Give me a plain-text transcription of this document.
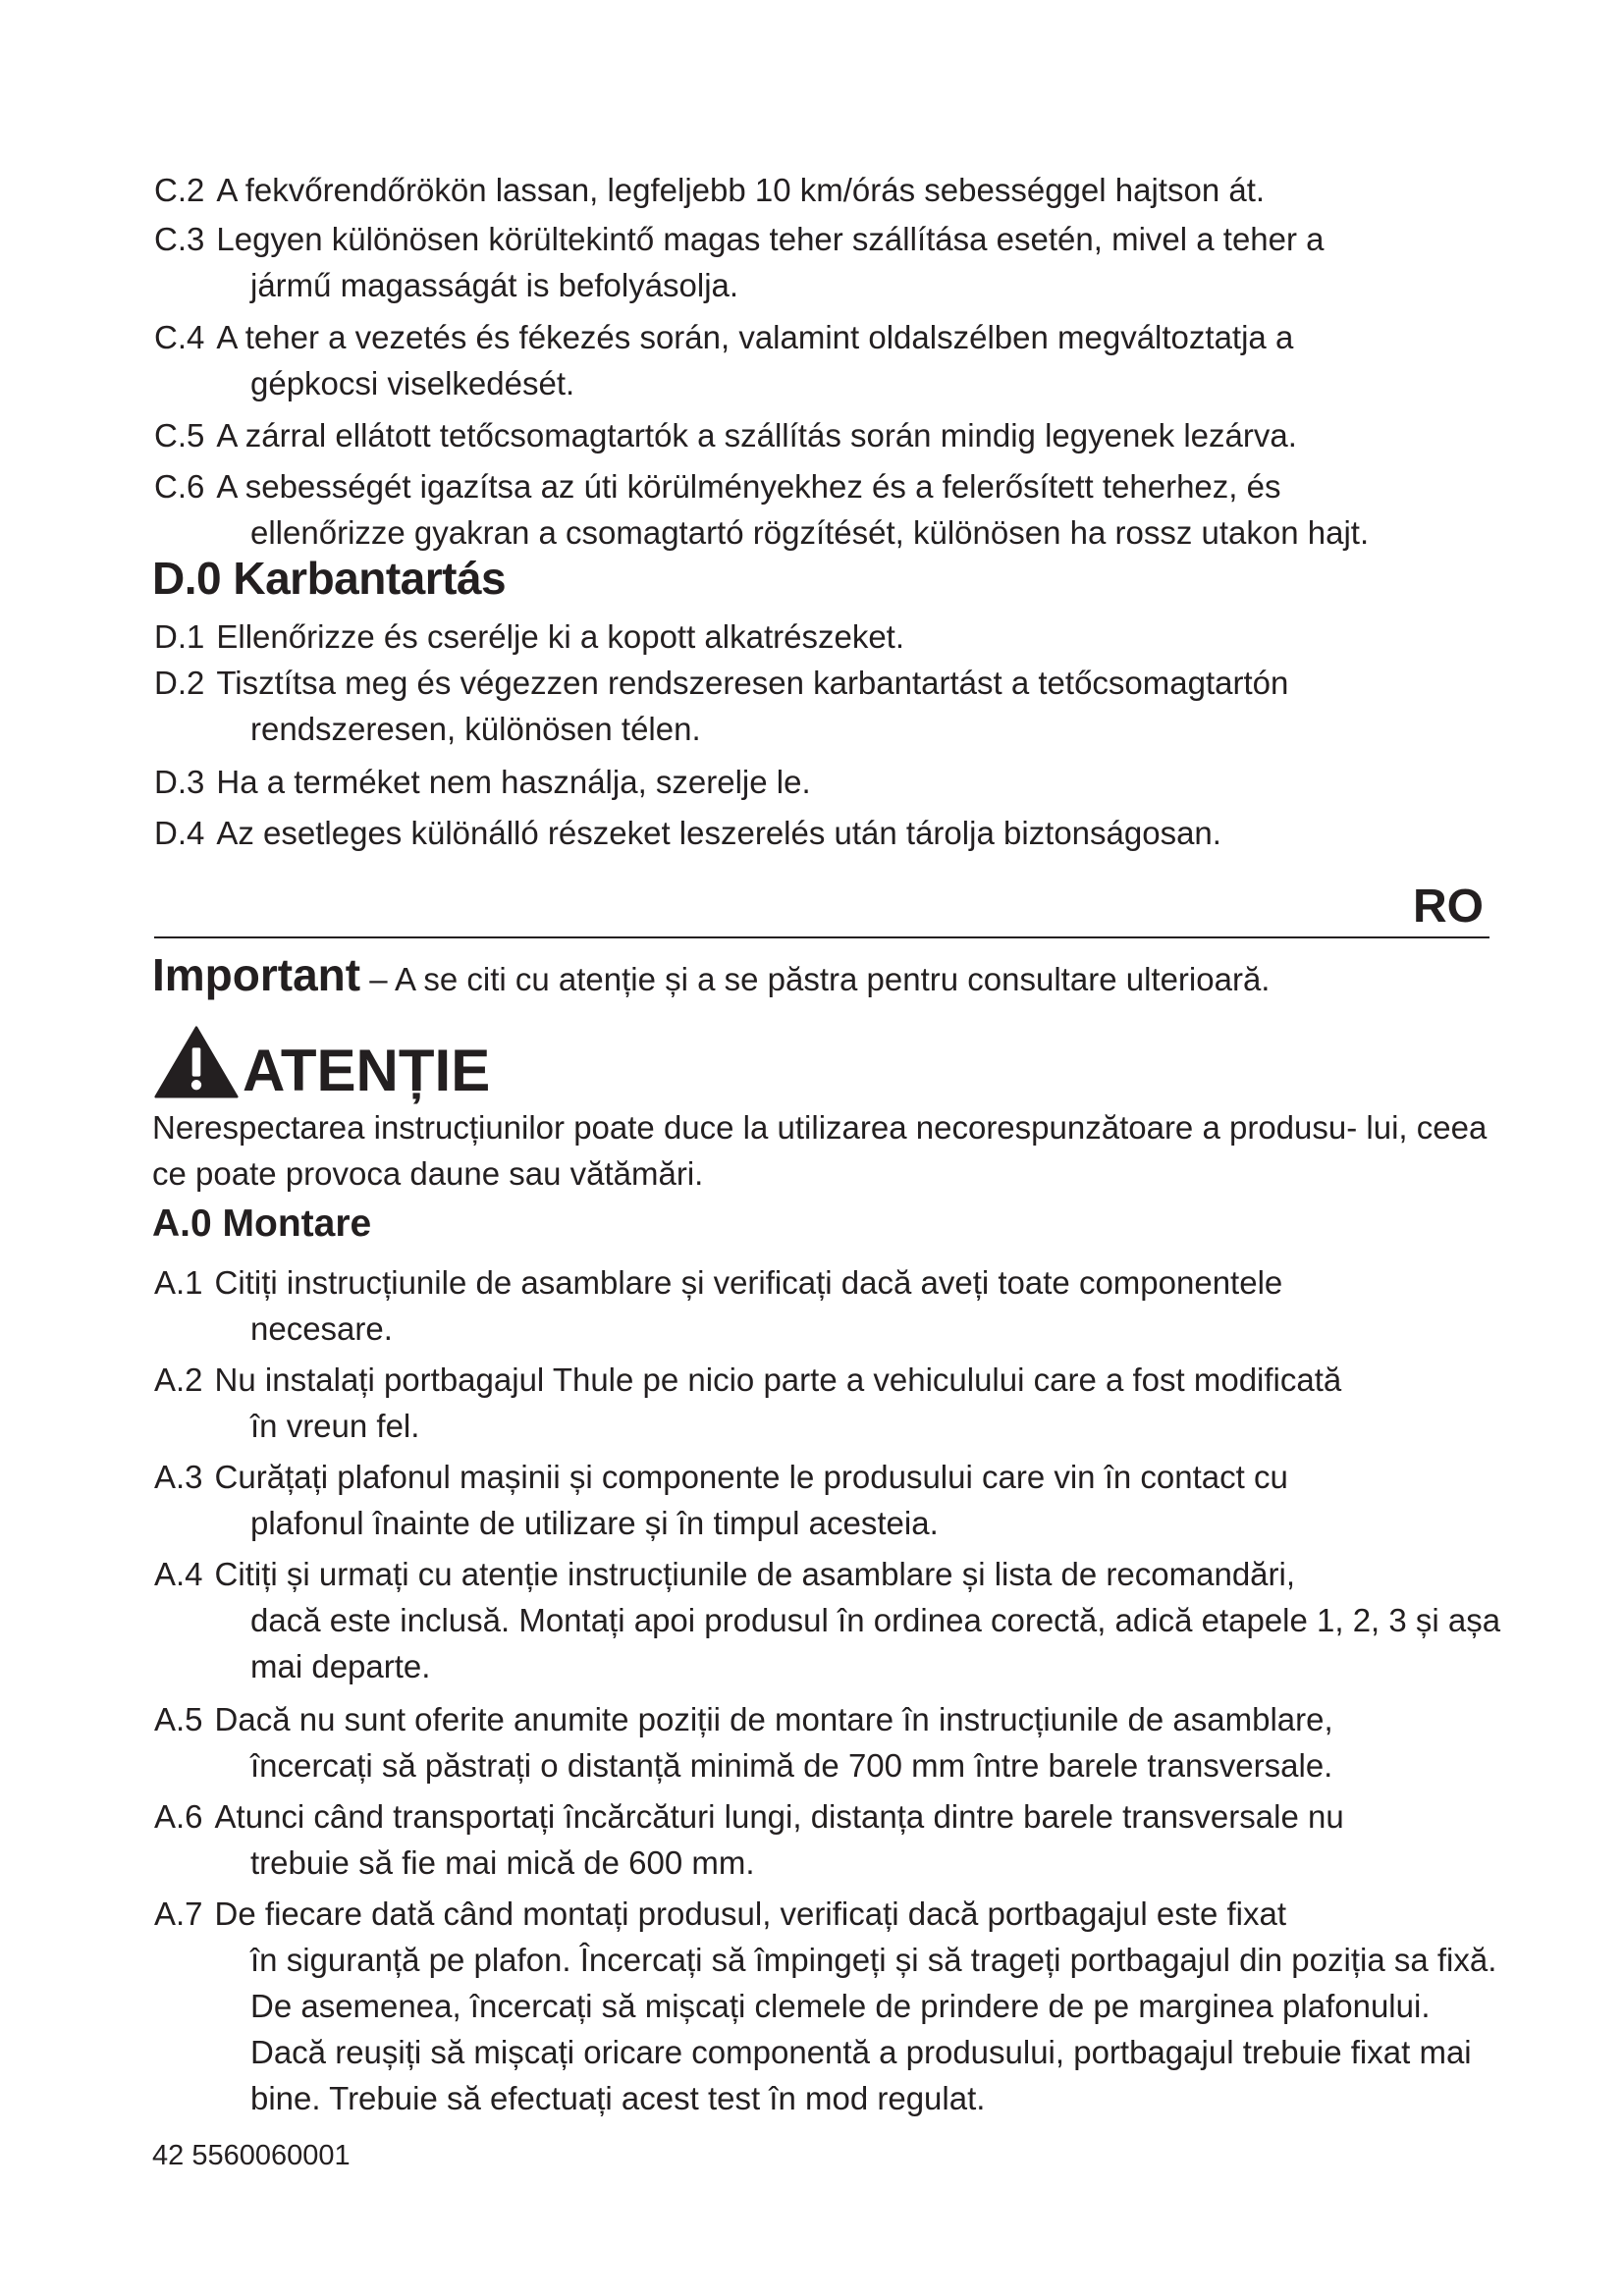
C.2 A fekvőrendőrökön lassan, legfeljebb 10 km/órás sebességgel hajtson át.
C.3 Legyen különösen körültekintő magas teher szállítása esetén, mivel a teher a
jármű magasságát is befolyásolja.
C.4 A teher a vezetés és fékezés során, valamint oldalszélben megváltoztatja a
gépkocsi viselkedését.
C.5 A zárral ellátott tetőcsomagtartók a szállítás során mindig legyenek lezárva.
C.6 A sebességét igazítsa az úti körülményekhez és a felerősített teherhez, és
ellenőrizze gyakran a csomagtartó rögzítését, különösen ha rossz utakon hajt.
D.0 Karbantartás
D.1 Ellenőrizze és cserélje ki a kopott alkatrészeket.
D.2 Tisztítsa meg és végezzen rendszeresen karbantartást a tetőcsomagtartón
rendszeresen, különösen télen.
D.3 Ha a terméket nem használja, szerelje le.
D.4 Az esetleges különálló részeket leszerelés után tárolja biztonságosan.
RO
Important – A se citi cu atenție și a se păstra pentru consultare ulterioară.
ATENȚIE
Nerespectarea instrucțiunilor poate duce la utilizarea necorespunzătoare a produsu- lui, ceea ce poate provoca daune sau vătămări.
A.0 Montare
A.1 Citiți instrucțiunile de asamblare și verificați dacă aveți toate componentele
necesare.
A.2 Nu instalați portbagajul Thule pe nicio parte a vehiculului care a fost modificată
în vreun fel.
A.3 Curățați plafonul mașinii și componente le produsului care vin în contact cu
plafonul înainte de utilizare și în timpul acesteia.
A.4 Citiți și urmați cu atenție instrucțiunile de asamblare și lista de recomandări,
dacă este inclusă. Montați apoi produsul în ordinea corectă, adică etapele 1, 2, 3 și așa mai departe.
A.5 Dacă nu sunt oferite anumite poziții de montare în instrucțiunile de asamblare,
încercați să păstrați o distanță minimă de 700 mm între barele transversale.
A.6 Atunci când transportați încărcături lungi, distanța dintre barele transversale nu
trebuie să fie mai mică de 600 mm.
A.7 De fiecare dată când montați produsul, verificați dacă portbagajul este fixat
în siguranță pe plafon. Încercați să împingeți și să trageți portbagajul din poziția sa fixă. De asemenea, încercați să mișcați clemele de prindere de pe marginea plafonului. Dacă reușiți să mișcați oricare componentă a produsului, portbagajul trebuie fixat mai bine. Trebuie să efectuați acest test în mod regulat.
42 5560060001
